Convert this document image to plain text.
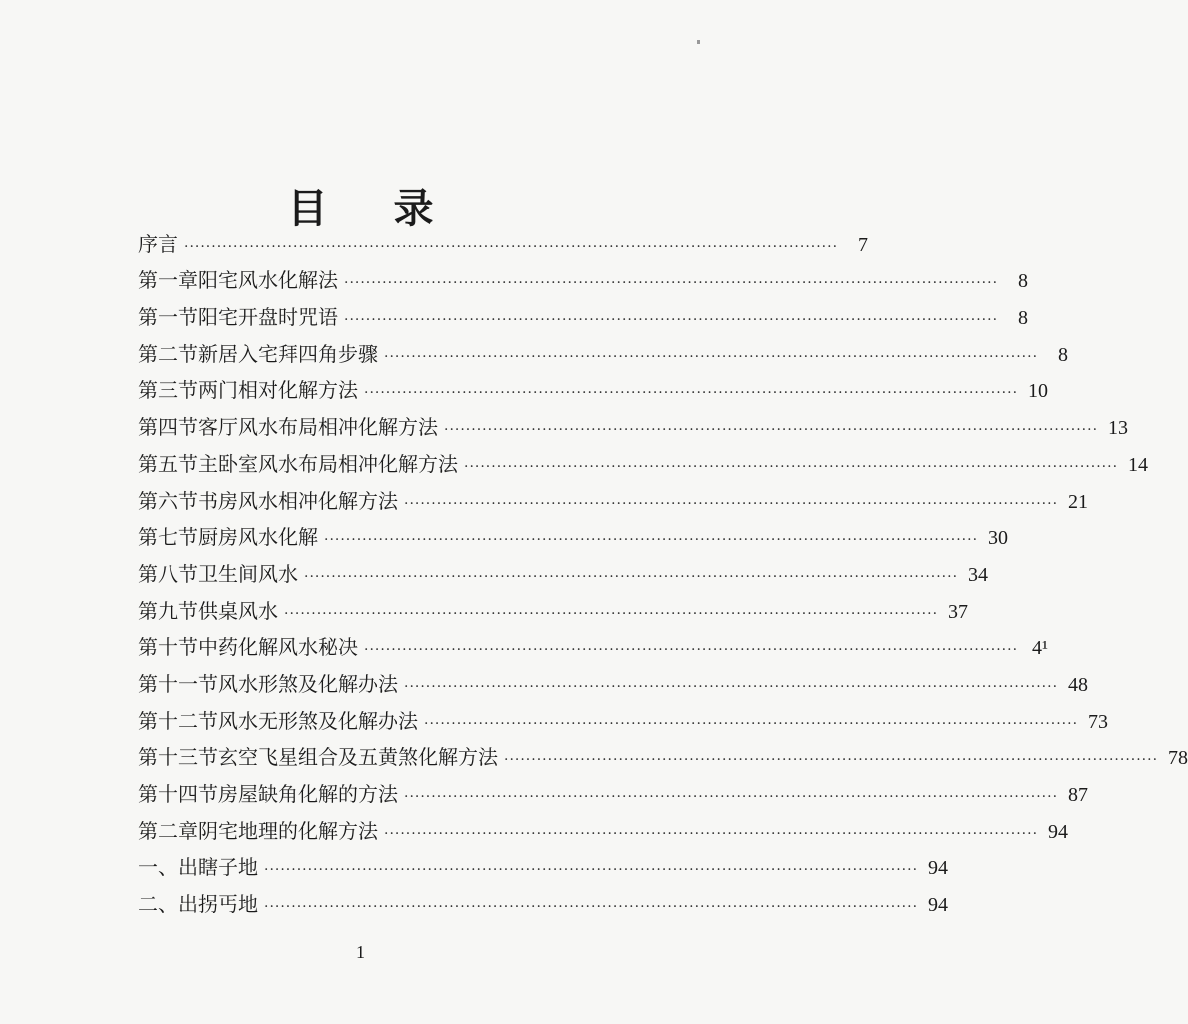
目 录
序言 ························································································································	7
第一章 阳宅风水化解法 ························································································································	8
第一节 阳宅开盘时咒语 ························································································································	8
第二节 新居入宅拜四角步骤 ························································································································	8
第三节 两门相对化解方法 ························································································································ 10
第四节 客厅风水布局相冲化解方法 ························································································································ 13
第五节 主卧室风水布局相冲化解方法 ························································································································ 14
第六节 书房风水相冲化解方法 ························································································································ 21
第七节 厨房风水化解 ························································································································ 30
第八节 卫生间风水 ························································································································ 34
第九节 供桌风水 ························································································································ 37
第十节 中药化解风水秘决 ························································································································ 4¹
第十一节 风水形煞及化解办法 ························································································································ 48
第十二节 风水无形煞及化解办法 ························································································································ 73
第十三节 玄空飞星组合及五黄煞化解方法 ························································································································ 78
第十四节 房屋缺角化解的方法 ························································································································ 87
第二章 阴宅地理的化解方法 ························································································································ 94
一、出瞎子地 ························································································································ 94
二、出拐丐地 ························································································································ 94
1
